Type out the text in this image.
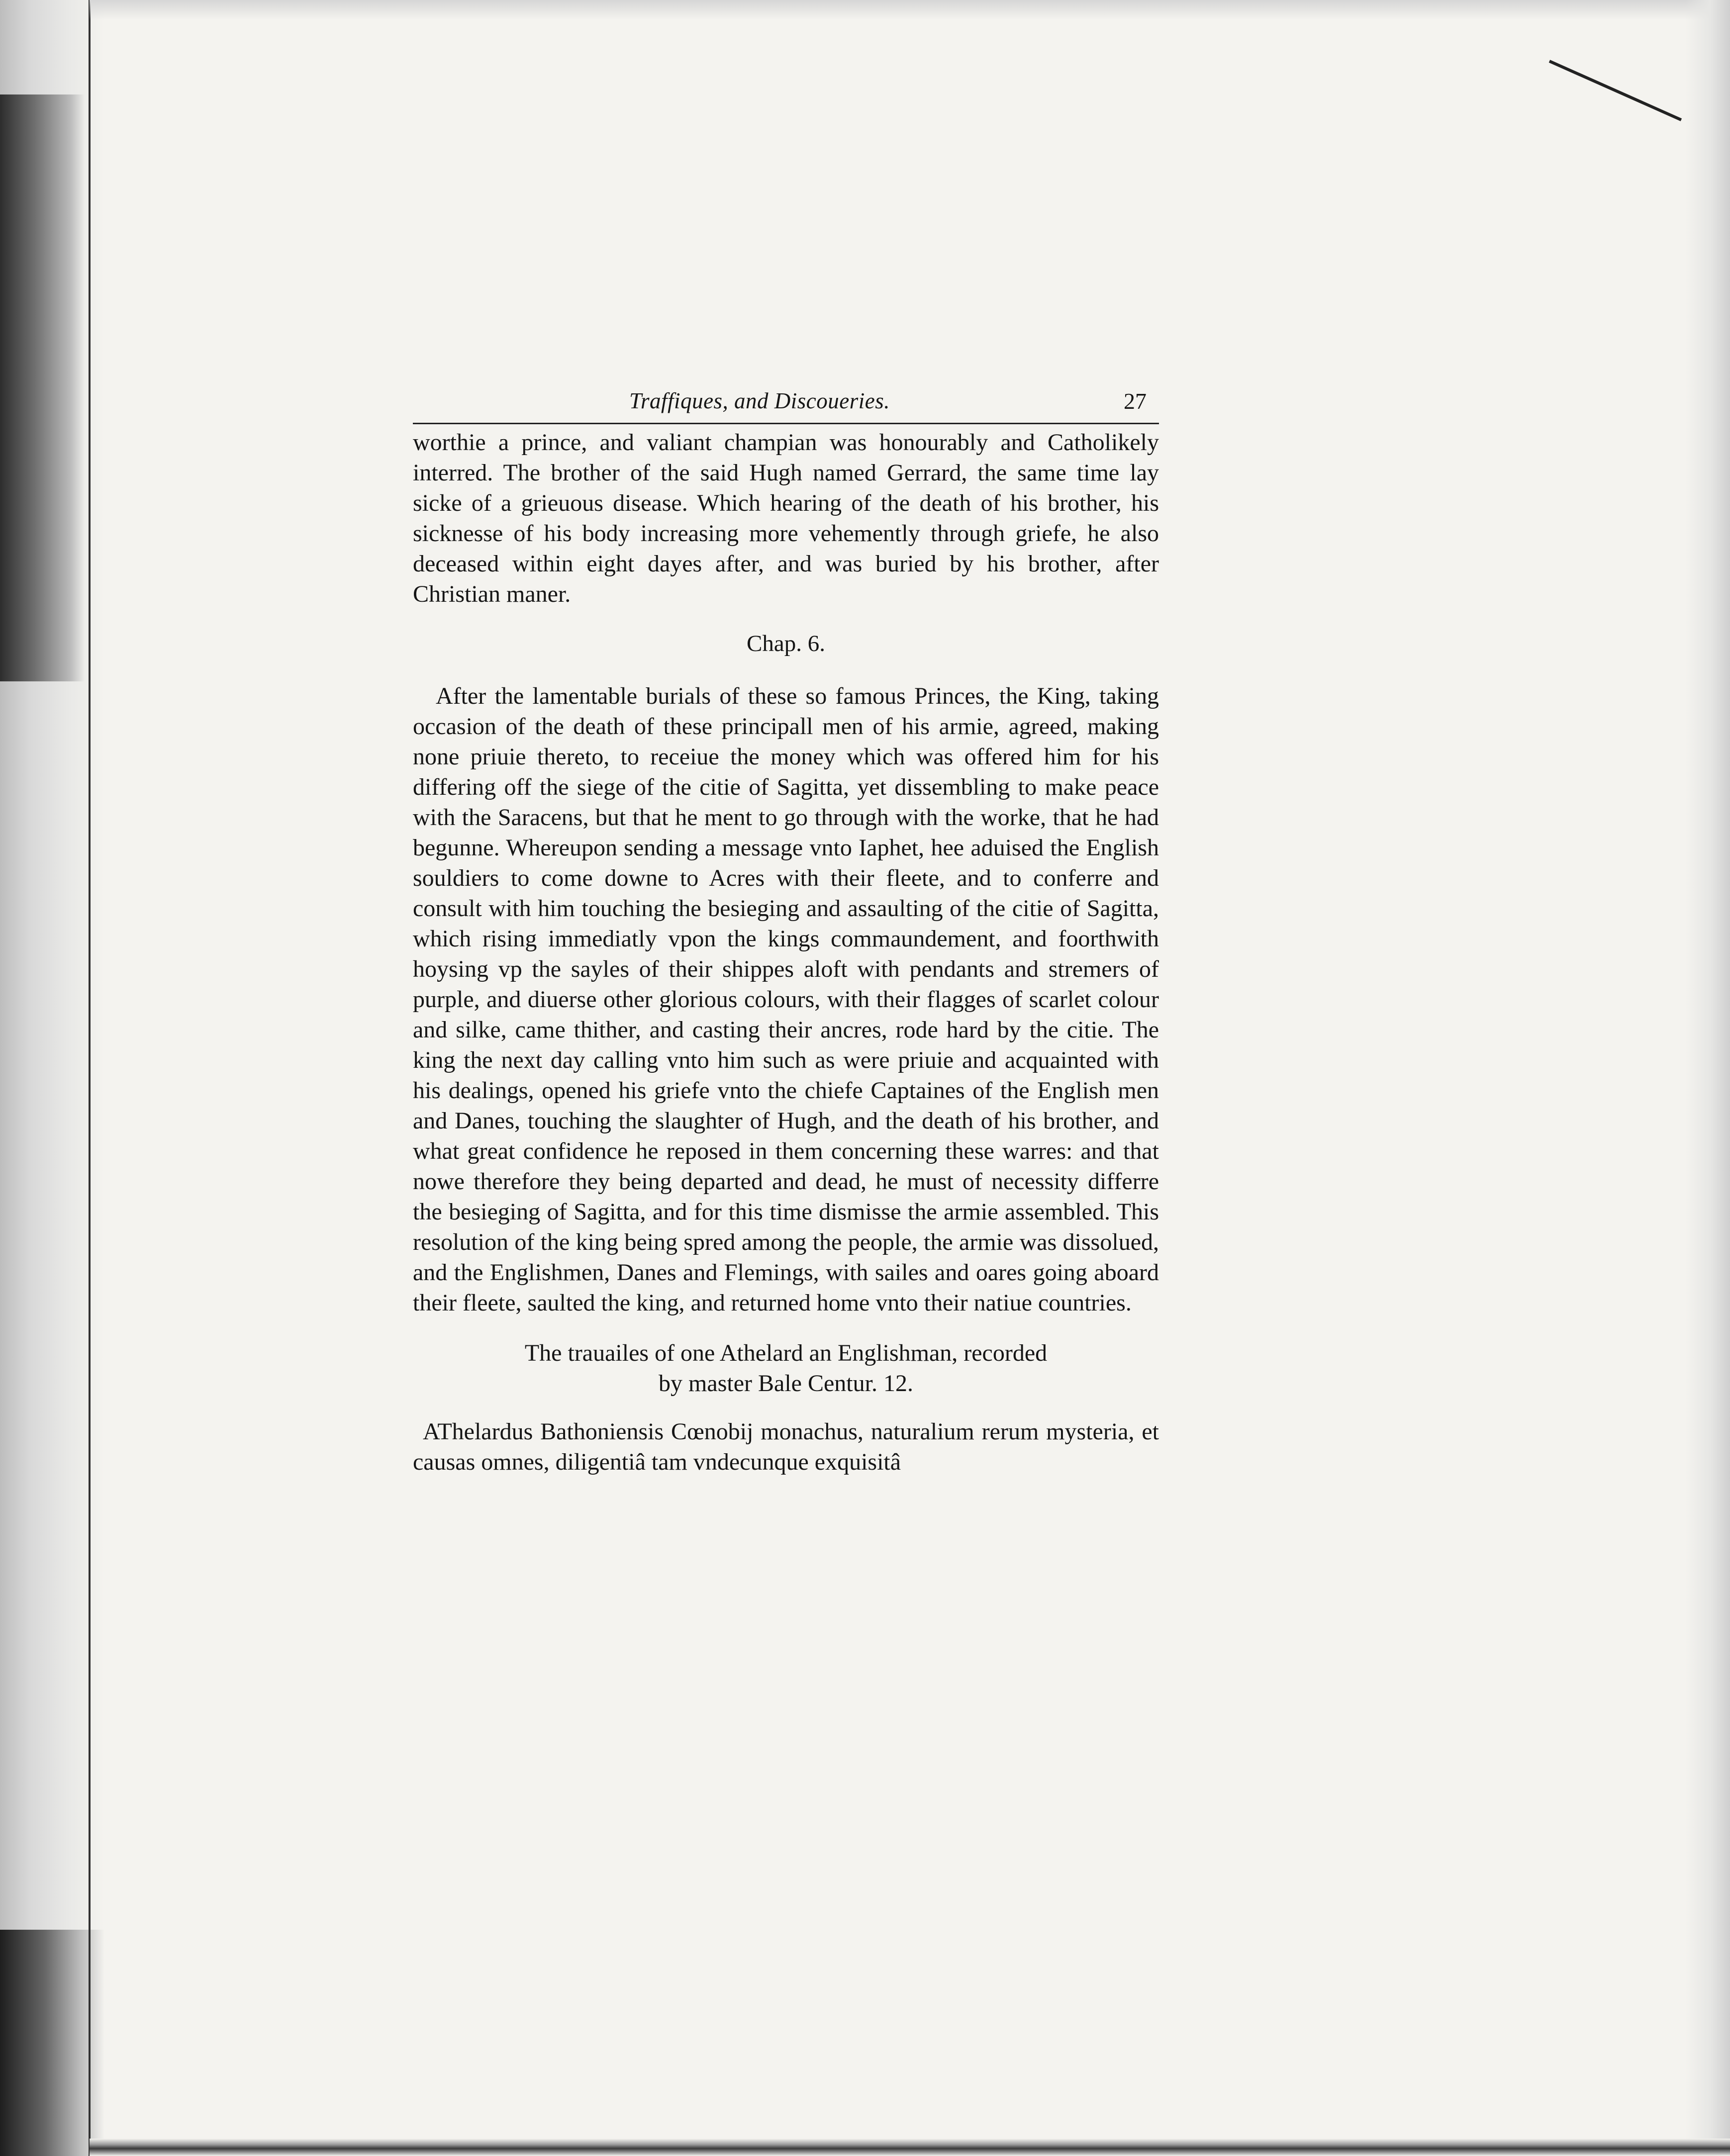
Traffiques, and Discoueries.	27

worthie a prince, and valiant champian was honourably and Catholikely interred. The brother of the said Hugh named Gerrard, the same time lay sicke of a grieuous disease. Which hearing of the death of his brother, his sicknesse of his body increasing more vehemently through griefe, he also deceased within eight dayes after, and was buried by his brother, after Christian maner.

Chap. 6.

After the lamentable burials of these so famous Princes, the King, taking occasion of the death of these principall men of his armie, agreed, making none priuie thereto, to receiue the money which was offered him for his differing off the siege of the citie of Sagitta, yet dissembling to make peace with the Saracens, but that he ment to go through with the worke, that he had begunne. Whereupon sending a message vnto Iaphet, hee aduised the English souldiers to come downe to Acres with their fleete, and to conferre and consult with him touching the besieging and assaulting of the citie of Sagitta, which rising immediatly vpon the kings commaundement, and foorthwith hoysing vp the sayles of their shippes aloft with pendants and stremers of purple, and diuerse other glorious colours, with their flagges of scarlet colour and silke, came thither, and casting their ancres, rode hard by the citie. The king the next day calling vnto him such as were priuie and acquainted with his dealings, opened his griefe vnto the chiefe Captaines of the English men and Danes, touching the slaughter of Hugh, and the death of his brother, and what great confidence he reposed in them concerning these warres: and that nowe therefore they being departed and dead, he must of necessity differre the besieging of Sagitta, and for this time dismisse the armie assembled. This resolution of the king being spred among the people, the armie was dissolued, and the Englishmen, Danes and Flemings, with sailes and oares going aboard their fleete, saulted the king, and returned home vnto their natiue countries.

The trauailes of one Athelard an Englishman, recorded
by master Bale Centur. 12.

AThelardus Bathoniensis Cœnobij monachus, naturalium rerum mysteria, et causas omnes, diligentiâ tam vndecunque exquisitâ
